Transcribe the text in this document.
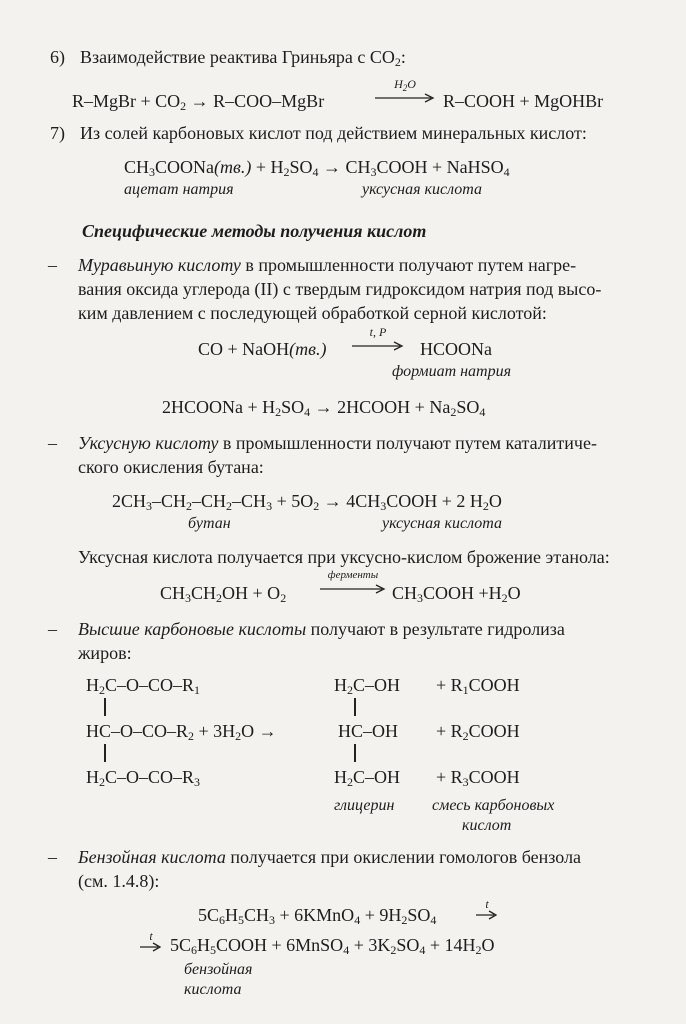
6) Взаимодействие реактива Гриньяра с $CO_2$:
R–MgBr + $CO_2$ → R–COO–MgBr
$H_2O$
R–COOH + MgOHBr
7) Из солей карбоновых кислот под действием минеральных кислот:
$CH_3COONa(тв.) + H_2SO_4$ → $CH_3COOH$ + NaHSO$_4$
ацетат натрия	уксусная кислота
Специфические методы получения кислот
– Муравьиную кислоту в промышленности получают путем нагре-
вания оксида углерода (II) с твердым гидроксидом натрия под высо-
ким давлением с последующей обработкой серной кислотой:
CO + NaOH(тв.)
t, P
HCOONa
формиат натрия
2HCOONa + $H_2SO_4$ → 2HCOOH + $Na_2SO_4$
– Уксусную кислоту в промышленности получают путем каталитиче-
ского окисления бутана:
$2CH_3-CH_2-CH_2-CH_3 + 5O_2$ → $4CH_3COOH + 2$ $H_2O$
бутан	уксусная кислота
Уксусная кислота получается при уксусно-кислом брожение этанола:
$CH_3CH_2OH + O_2$
ферменты
$CH_3COOH +H_2O$
– Высшие карбоновые кислоты получают в результате гидролиза
жиров:
$H_2C-O-CO-R_1$
$HC-O-CO-R_2 + 3H_2O$ →
$H_2C-O-CO-R_3$
$H_2C-OH$
HC–OH
$H_2C-OH$
+ $R_1COOH$
+ $R_2COOH$
+ $R_3COOH$
глицерин смесь карбоновых
кислот
– Бензойная кислота получается при окислении гомологов бензола
(см. 1.4.8):
$5C_6H_5CH_3$ + 6KMnO$_4$ + $9H_2SO_4$
t
t $5C_6H_5COOH$ + 6MnSO$_4$ + $3K_2SO_4 + 14H_2O$
бензойная
кислота
